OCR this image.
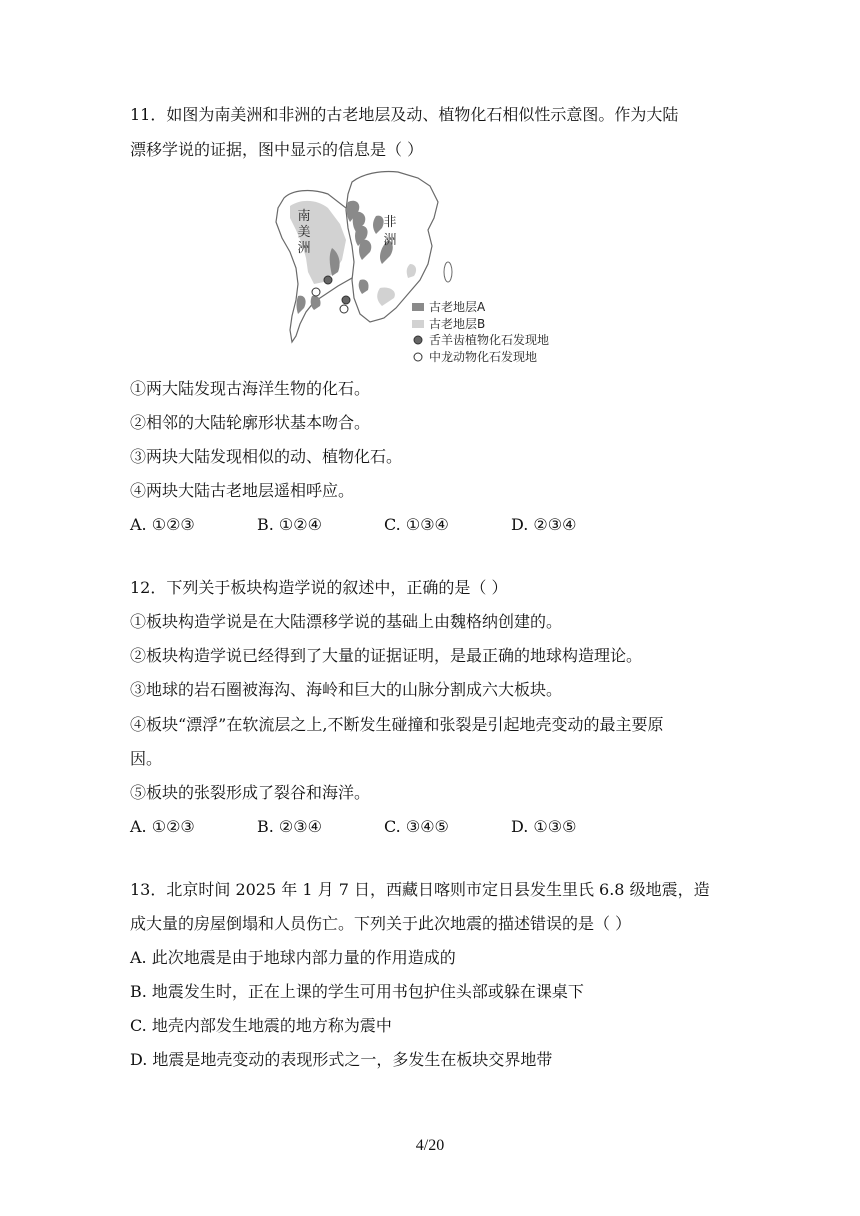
11．如图为南美洲和非洲的古老地层及动、植物化石相似性示意图。作为大陆
漂移学说的证据，图中显示的信息是（ ）
南
美
洲
非
洲
古老地层A
古老地层B
舌羊齿植物化石发现地
中龙动物化石发现地
①两大陆发现古海洋生物的化石。
②相邻的大陆轮廓形状基本吻合。
③两块大陆发现相似的动、植物化石。
④两块大陆古老地层遥相呼应。
A. ①②③	B. ①②④	C. ①③④	D. ②③④
12．下列关于板块构造学说的叙述中，正确的是（ ）
①板块构造学说是在大陆漂移学说的基础上由魏格纳创建的。
②板块构造学说已经得到了大量的证据证明，是最正确的地球构造理论。
③地球的岩石圈被海沟、海岭和巨大的山脉分割成六大板块。
④板块“漂浮”在软流层之上,不断发生碰撞和张裂是引起地壳变动的最主要原
因。
⑤板块的张裂形成了裂谷和海洋。
A. ①②③	B. ②③④	C. ③④⑤	D. ①③⑤
13．北京时间 2025 年 1 月 7 日，西藏日喀则市定日县发生里氏 6.8 级地震，造
成大量的房屋倒塌和人员伤亡。下列关于此次地震的描述错误的是（ ）
A. 此次地震是由于地球内部力量的作用造成的
B. 地震发生时，正在上课的学生可用书包护住头部或躲在课桌下
C. 地壳内部发生地震的地方称为震中
D. 地震是地壳变动的表现形式之一，多发生在板块交界地带
4/20
